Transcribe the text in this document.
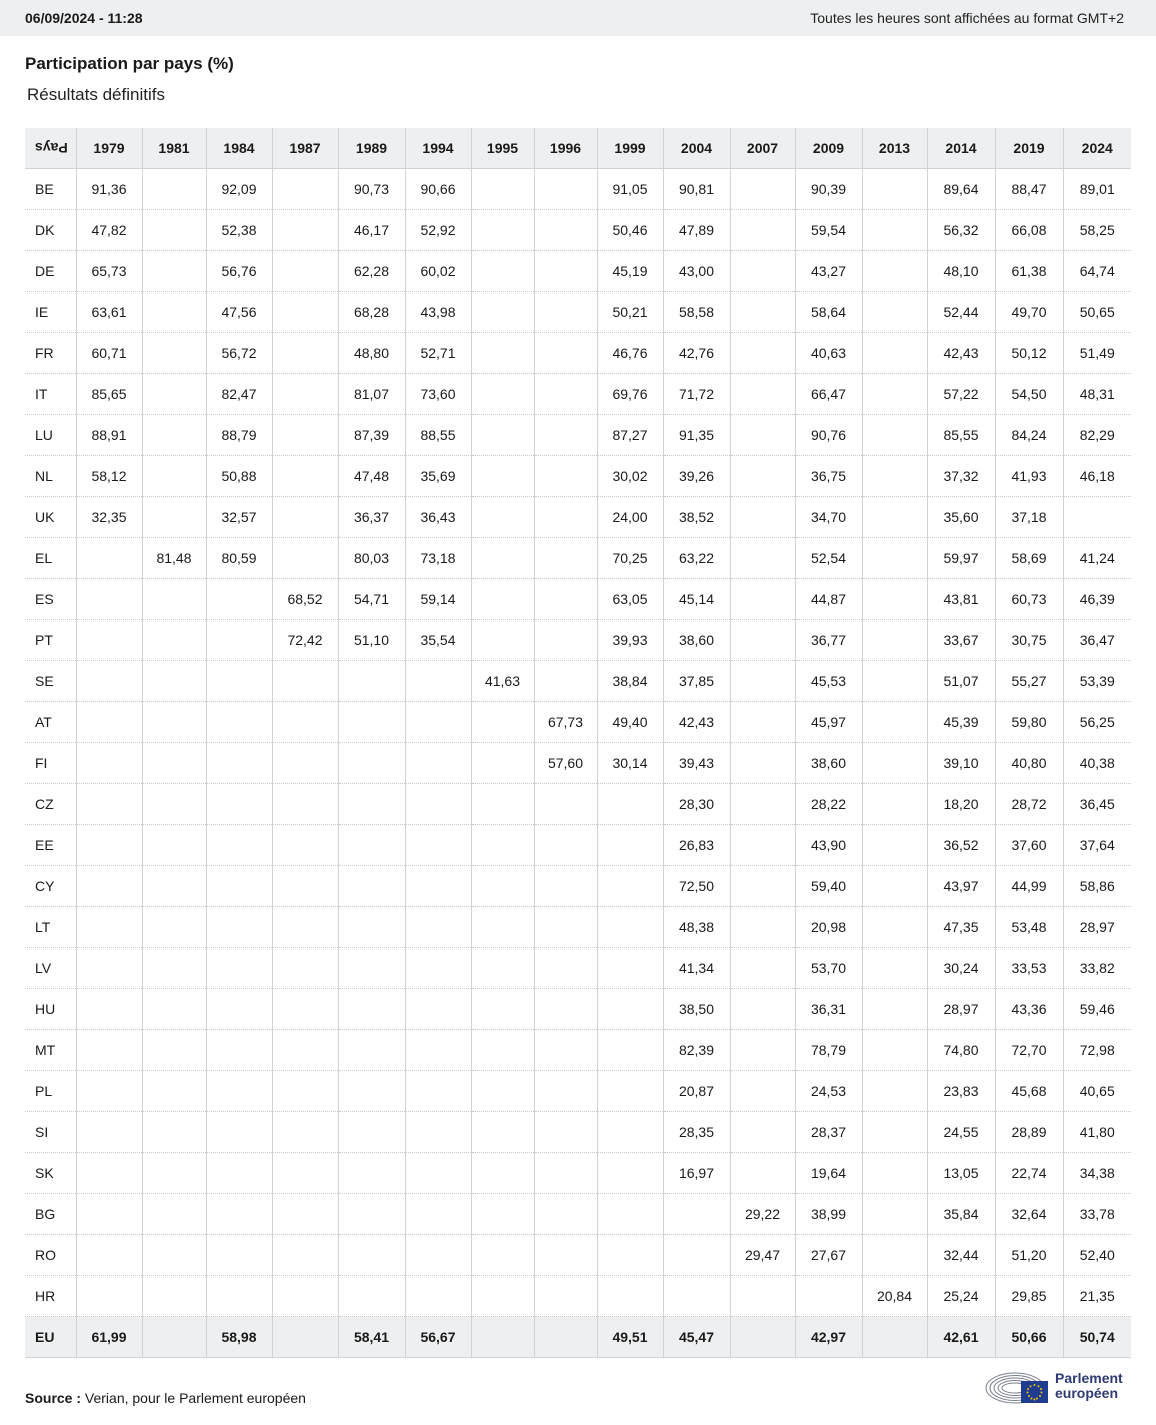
06/09/2024 - 11:28	Toutes les heures sont affichées au format GMT+2
Participation par pays (%)
Résultats définitifs
Pays	1979	1981	1984	1987	1989	1994	1995	1996	1999	2004	2007	2009	2013	2014	2019	2024
BE	91,36		92,09		90,73	90,66			91,05	90,81		90,39		89,64	88,47	89,01
DK	47,82		52,38		46,17	52,92			50,46	47,89		59,54		56,32	66,08	58,25
DE	65,73		56,76		62,28	60,02			45,19	43,00		43,27		48,10	61,38	64,74
IE	63,61		47,56		68,28	43,98			50,21	58,58		58,64		52,44	49,70	50,65
FR	60,71		56,72		48,80	52,71			46,76	42,76		40,63		42,43	50,12	51,49
IT	85,65		82,47		81,07	73,60			69,76	71,72		66,47		57,22	54,50	48,31
LU	88,91		88,79		87,39	88,55			87,27	91,35		90,76		85,55	84,24	82,29
NL	58,12		50,88		47,48	35,69			30,02	39,26		36,75		37,32	41,93	46,18
UK	32,35		32,57		36,37	36,43			24,00	38,52		34,70		35,60	37,18	
EL		81,48	80,59		80,03	73,18			70,25	63,22		52,54		59,97	58,69	41,24
ES				68,52	54,71	59,14			63,05	45,14		44,87		43,81	60,73	46,39
PT				72,42	51,10	35,54			39,93	38,60		36,77		33,67	30,75	36,47
SE							41,63		38,84	37,85		45,53		51,07	55,27	53,39
AT								67,73	49,40	42,43		45,97		45,39	59,80	56,25
FI								57,60	30,14	39,43		38,60		39,10	40,80	40,38
CZ										28,30		28,22		18,20	28,72	36,45
EE										26,83		43,90		36,52	37,60	37,64
CY										72,50		59,40		43,97	44,99	58,86
LT										48,38		20,98		47,35	53,48	28,97
LV										41,34		53,70		30,24	33,53	33,82
HU										38,50		36,31		28,97	43,36	59,46
MT										82,39		78,79		74,80	72,70	72,98
PL										20,87		24,53		23,83	45,68	40,65
SI										28,35		28,37		24,55	28,89	41,80
SK										16,97		19,64		13,05	22,74	34,38
BG											29,22	38,99		35,84	32,64	33,78
RO											29,47	27,67		32,44	51,20	52,40
HR													20,84	25,24	29,85	21,35
EU	61,99		58,98		58,41	56,67			49,51	45,47		42,97		42,61	50,66	50,74

Source : Verian, pour le Parlement européen

Parlement
européen
